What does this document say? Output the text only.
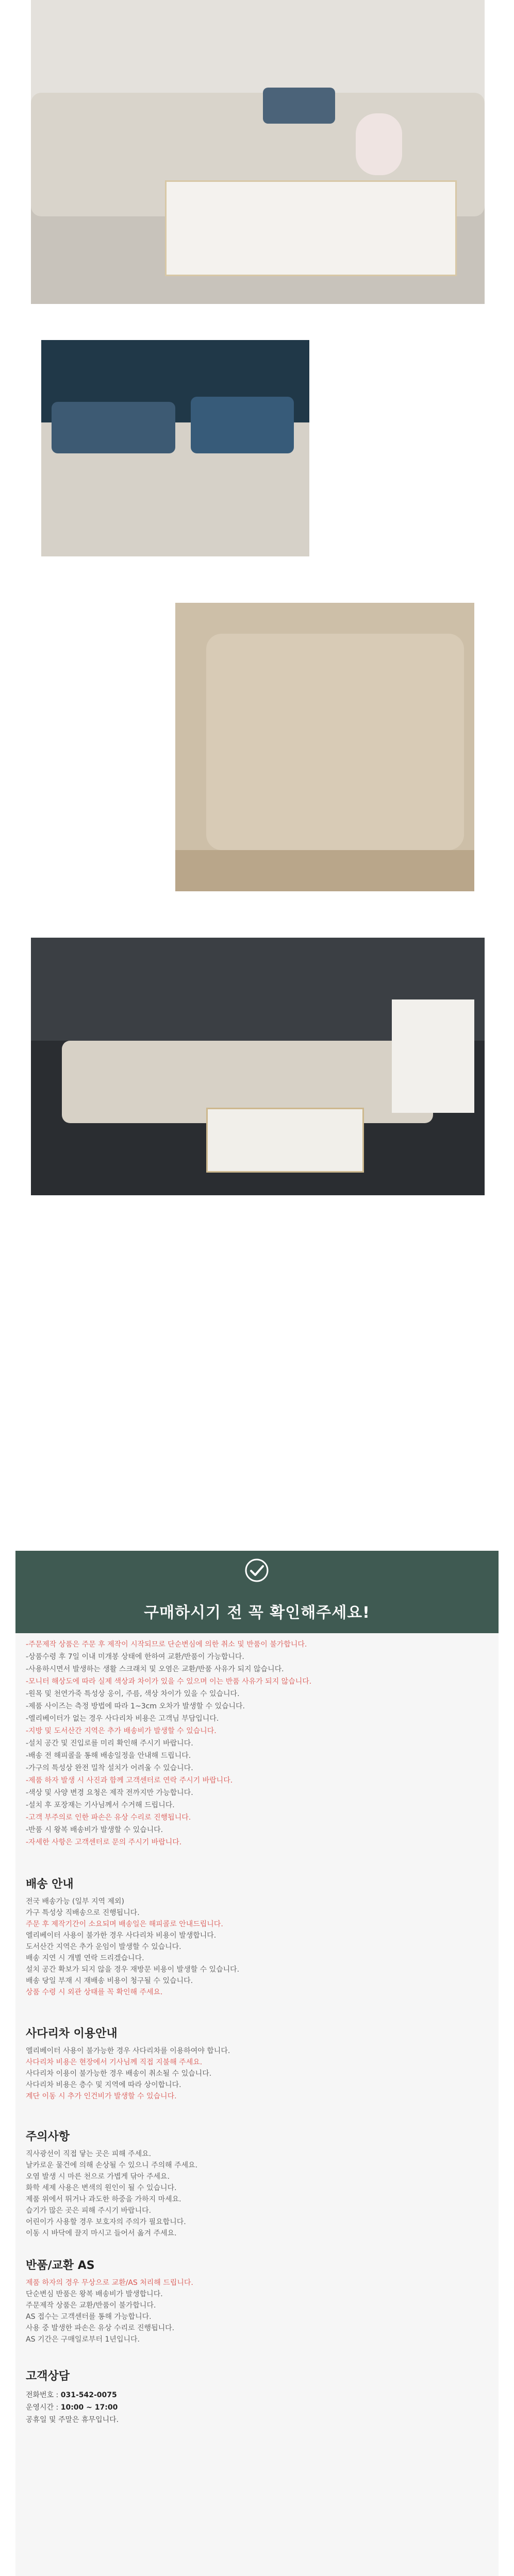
구매하시기 전 꼭 확인해주세요!
-주문제작 상품은 주문 후 제작이 시작되므로 단순변심에 의한 취소 및 반품이 불가합니다.
-상품수령 후 7일 이내 미개봉 상태에 한하여 교환/반품이 가능합니다.
-사용하시면서 발생하는 생활 스크래치 및 오염은 교환/반품 사유가 되지 않습니다.
-모니터 해상도에 따라 실제 색상과 차이가 있을 수 있으며 이는 반품 사유가 되지 않습니다.
-원목 및 천연가죽 특성상 옹이, 주름, 색상 차이가 있을 수 있습니다.
-제품 사이즈는 측정 방법에 따라 1~3cm 오차가 발생할 수 있습니다.
-엘리베이터가 없는 경우 사다리차 비용은 고객님 부담입니다.
-지방 및 도서산간 지역은 추가 배송비가 발생할 수 있습니다.
-설치 공간 및 진입로를 미리 확인해 주시기 바랍니다.
-배송 전 해피콜을 통해 배송일정을 안내해 드립니다.
-가구의 특성상 완전 밀착 설치가 어려울 수 있습니다.
-제품 하자 발생 시 사진과 함께 고객센터로 연락 주시기 바랍니다.
-색상 및 사양 변경 요청은 제작 전까지만 가능합니다.
-설치 후 포장재는 기사님께서 수거해 드립니다.
-고객 부주의로 인한 파손은 유상 수리로 진행됩니다.
-반품 시 왕복 배송비가 발생할 수 있습니다.
-자세한 사항은 고객센터로 문의 주시기 바랍니다.
배송 안내
전국 배송가능 (일부 지역 제외)
가구 특성상 직배송으로 진행됩니다.
주문 후 제작기간이 소요되며 배송일은 해피콜로 안내드립니다.
엘리베이터 사용이 불가한 경우 사다리차 비용이 발생합니다.
도서산간 지역은 추가 운임이 발생할 수 있습니다.
배송 지연 시 개별 연락 드리겠습니다.
설치 공간 확보가 되지 않을 경우 재방문 비용이 발생할 수 있습니다.
배송 당일 부재 시 재배송 비용이 청구될 수 있습니다.
상품 수령 시 외관 상태를 꼭 확인해 주세요.
사다리차 이용안내
엘리베이터 사용이 불가능한 경우 사다리차를 이용하여야 합니다.
사다리차 비용은 현장에서 기사님께 직접 지불해 주세요.
사다리차 이용이 불가능한 경우 배송이 취소될 수 있습니다.
사다리차 비용은 층수 및 지역에 따라 상이합니다.
계단 이동 시 추가 인건비가 발생할 수 있습니다.
주의사항
직사광선이 직접 닿는 곳은 피해 주세요.
날카로운 물건에 의해 손상될 수 있으니 주의해 주세요.
오염 발생 시 마른 천으로 가볍게 닦아 주세요.
화학 세제 사용은 변색의 원인이 될 수 있습니다.
제품 위에서 뛰거나 과도한 하중을 가하지 마세요.
습기가 많은 곳은 피해 주시기 바랍니다.
어린이가 사용할 경우 보호자의 주의가 필요합니다.
이동 시 바닥에 끌지 마시고 들어서 옮겨 주세요.
반품/교환 AS
제품 하자의 경우 무상으로 교환/AS 처리해 드립니다.
단순변심 반품은 왕복 배송비가 발생합니다.
주문제작 상품은 교환/반품이 불가합니다.
AS 접수는 고객센터를 통해 가능합니다.
사용 중 발생한 파손은 유상 수리로 진행됩니다.
AS 기간은 구매일로부터 1년입니다.
고객상담
전화번호 : 031-542-0075
운영시간 : 10:00 ~ 17:00
공휴일 및 주말은 휴무입니다.
